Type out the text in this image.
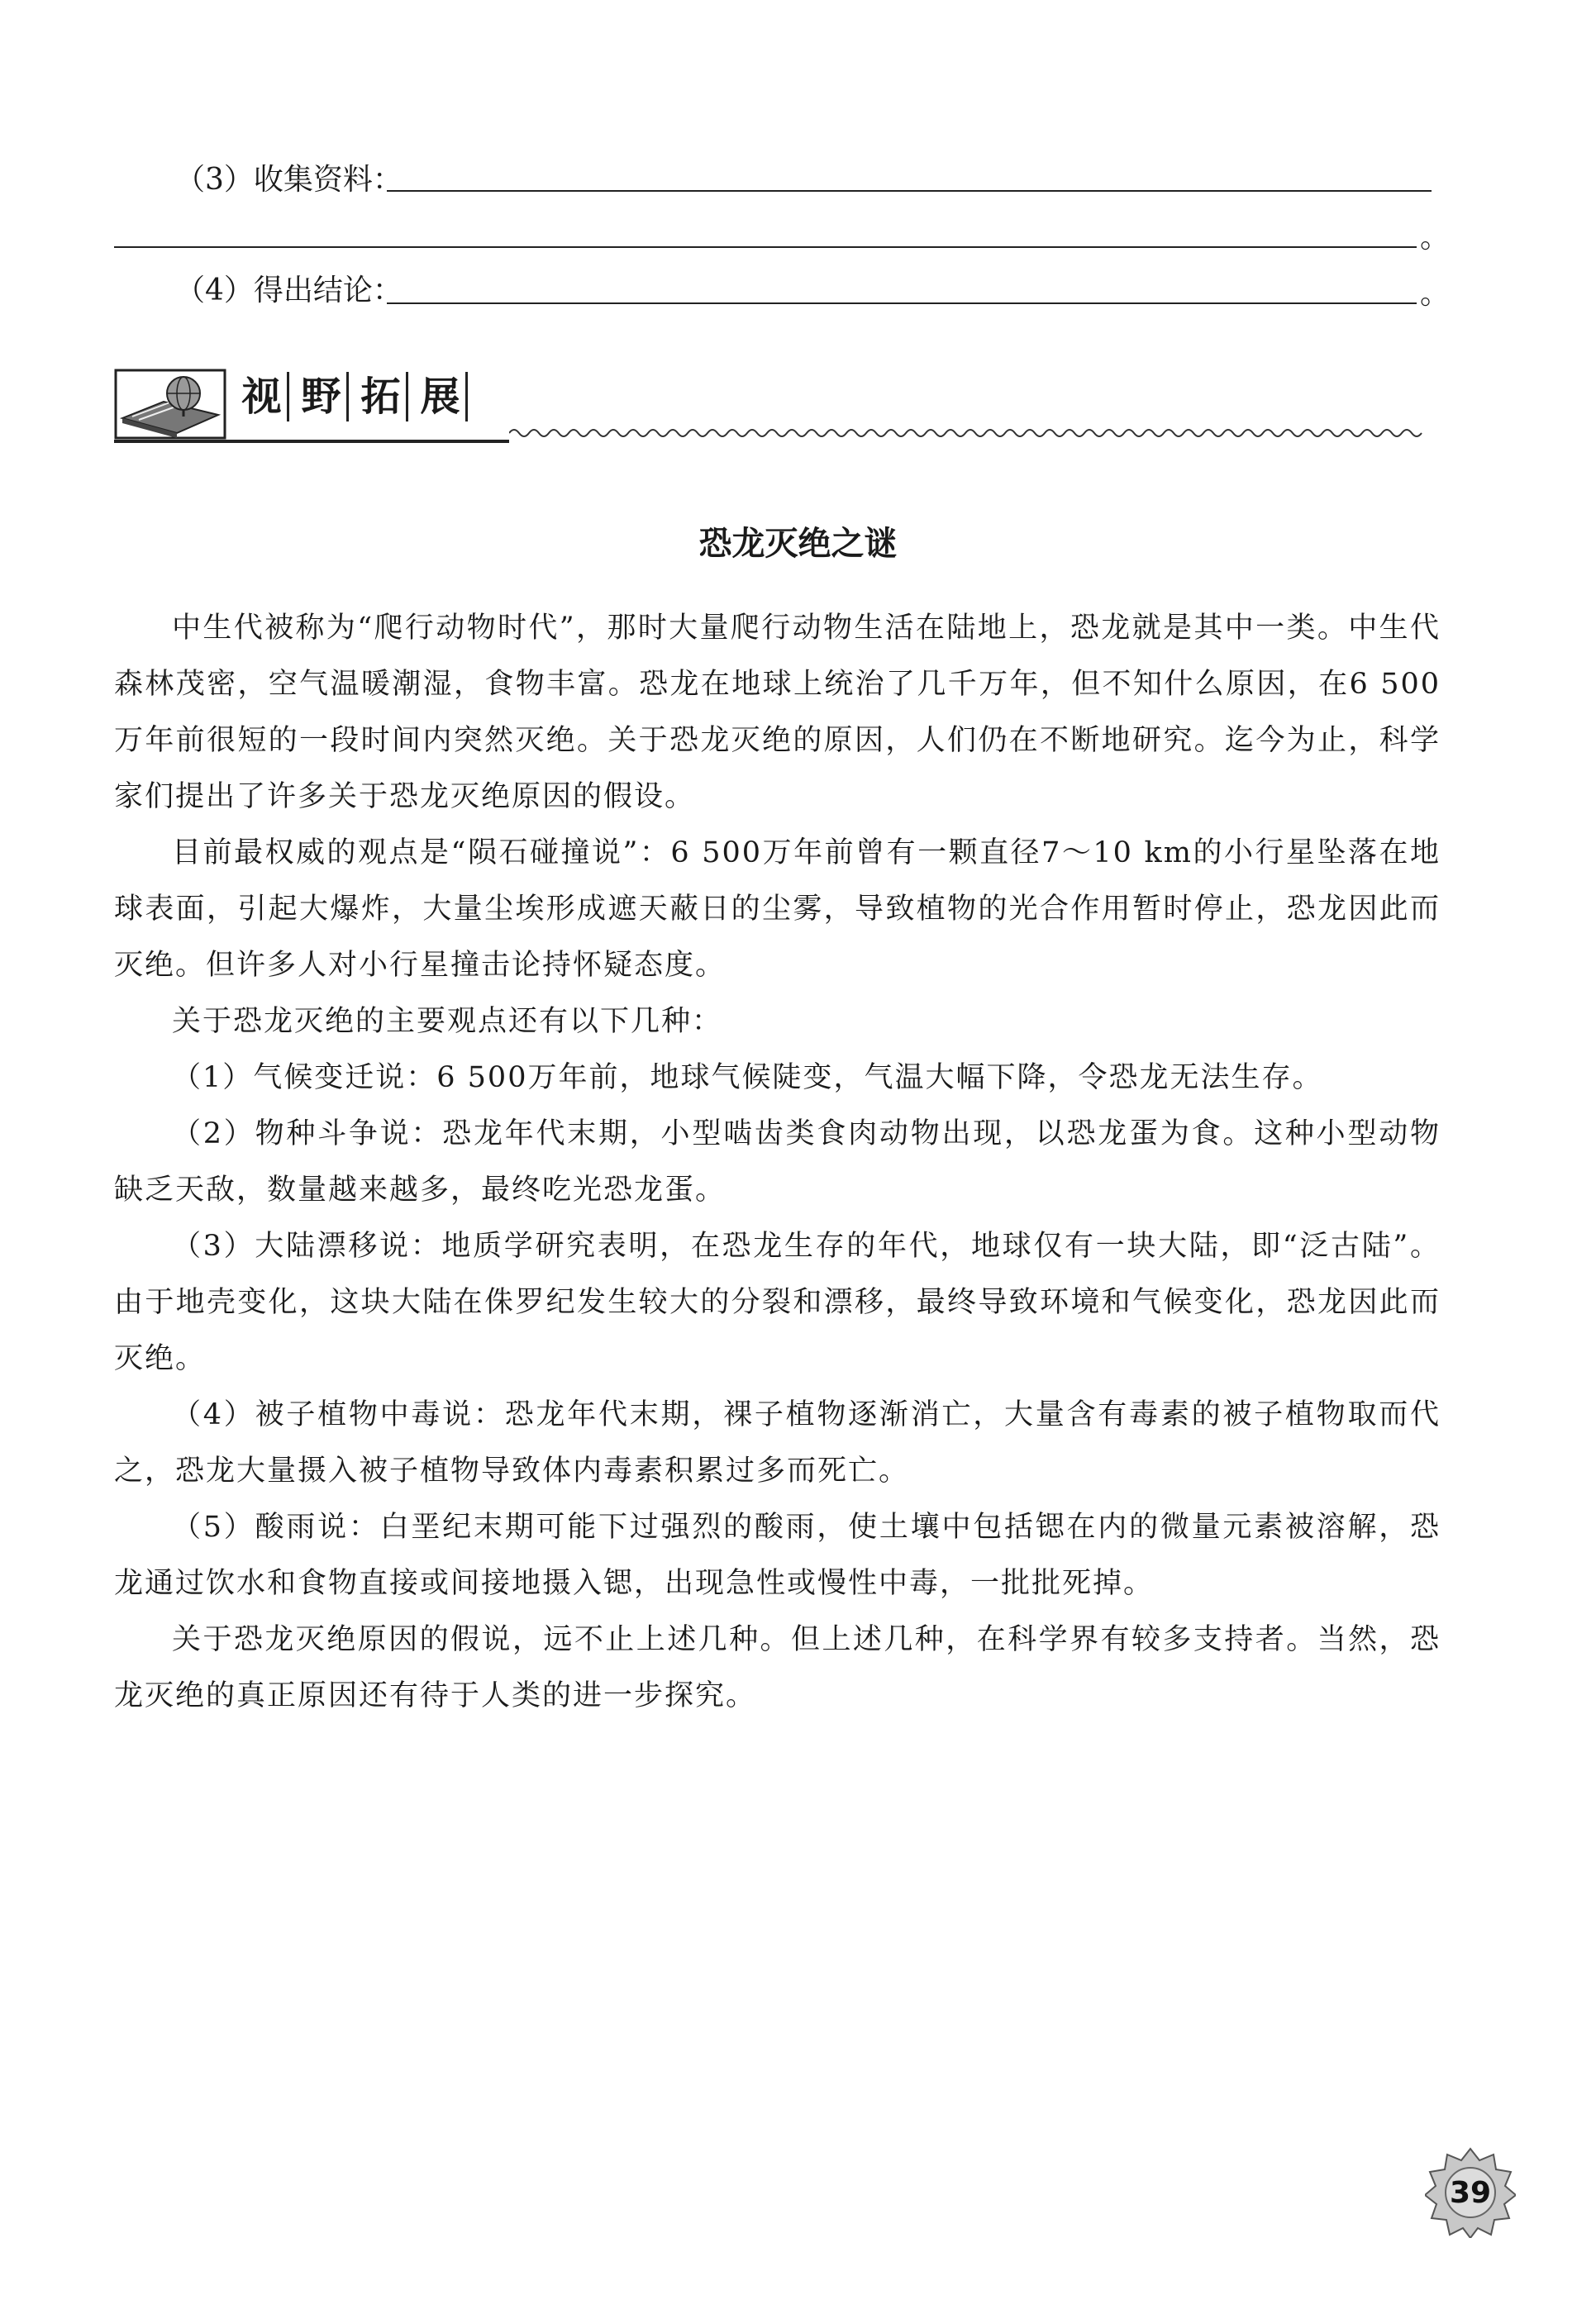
（3）收集资料：
。
（4）得出结论：	。
视 野 拓 展
恐龙灭绝之谜

中生代被称为“爬行动物时代”，那时大量爬行动物生活在陆地上，恐龙就是其中一类。中生代森林茂密，空气温暖潮湿，食物丰富。恐龙在地球上统治了几千万年，但不知什么原因，在6 500万年前很短的一段时间内突然灭绝。关于恐龙灭绝的原因，人们仍在不断地研究。迄今为止，科学家们提出了许多关于恐龙灭绝原因的假设。

目前最权威的观点是“陨石碰撞说”：6 500万年前曾有一颗直径7～10 km的小行星坠落在地球表面，引起大爆炸，大量尘埃形成遮天蔽日的尘雾，导致植物的光合作用暂时停止，恐龙因此而灭绝。但许多人对小行星撞击论持怀疑态度。

关于恐龙灭绝的主要观点还有以下几种：

（1）气候变迁说：6 500万年前，地球气候陡变，气温大幅下降，令恐龙无法生存。

（2）物种斗争说：恐龙年代末期，小型啮齿类食肉动物出现，以恐龙蛋为食。这种小型动物缺乏天敌，数量越来越多，最终吃光恐龙蛋。

（3）大陆漂移说：地质学研究表明，在恐龙生存的年代，地球仅有一块大陆，即“泛古陆”。由于地壳变化，这块大陆在侏罗纪发生较大的分裂和漂移，最终导致环境和气候变化，恐龙因此而灭绝。

（4）被子植物中毒说：恐龙年代末期，裸子植物逐渐消亡，大量含有毒素的被子植物取而代之，恐龙大量摄入被子植物导致体内毒素积累过多而死亡。

（5）酸雨说：白垩纪末期可能下过强烈的酸雨，使土壤中包括锶在内的微量元素被溶解，恐龙通过饮水和食物直接或间接地摄入锶，出现急性或慢性中毒，一批批死掉。

关于恐龙灭绝原因的假说，远不止上述几种。但上述几种，在科学界有较多支持者。当然，恐龙灭绝的真正原因还有待于人类的进一步探究。

39
